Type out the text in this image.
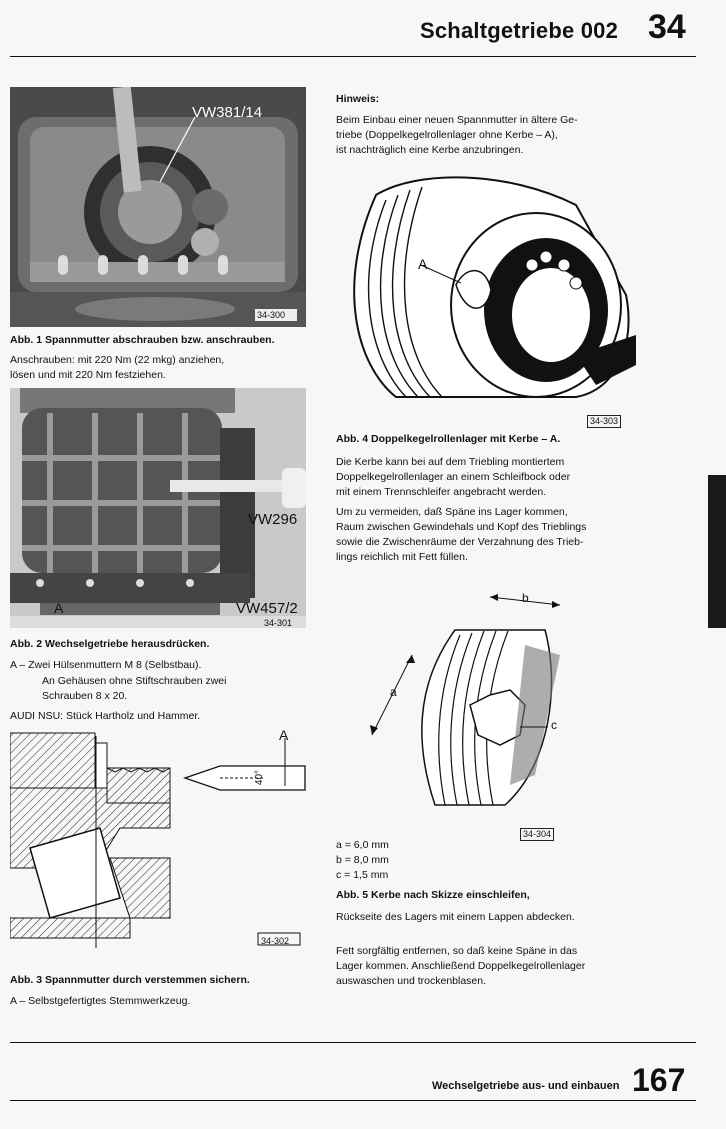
Schaltgetriebe 002 34
VW381/14
34-300
Abb. 1 Spannmutter abschrauben bzw. anschrauben.
Anschrauben: mit 220 Nm (22 mkg) anziehen,
lösen und mit 220 Nm festziehen.
VW296
VW457/2
A
34-301
Abb. 2 Wechselgetriebe herausdrücken.
A – Zwei Hülsenmuttern M 8 (Selbstbau).
An Gehäusen ohne Stiftschrauben zwei
Schrauben 8 x 20.
AUDI NSU: Stück Hartholz und Hammer.
A
40°
34-302
Abb. 3 Spannmutter durch verstemmen sichern.
A – Selbstgefertigtes Stemmwerkzeug.
Hinweis:
Beim Einbau einer neuen Spannmutter in ältere Ge-
triebe (Doppelkegelrollenlager ohne Kerbe – A),
ist nachträglich eine Kerbe anzubringen.
A
34-303
Abb. 4 Doppelkegelrollenlager mit Kerbe – A.
Die Kerbe kann bei auf dem Triebling montiertem
Doppelkegelrollenlager an einem Schleifbock oder
mit einem Trennschleifer angebracht werden.
Um zu vermeiden, daß Späne ins Lager kommen,
Raum zwischen Gewindehals und Kopf des Trieblings
sowie die Zwischenräume der Verzahnung des Trieb-
lings reichlich mit Fett füllen.
a
b
c
34-304
a = 6,0 mm
b = 8,0 mm
c = 1,5 mm
Abb. 5 Kerbe nach Skizze einschleifen,
Rückseite des Lagers mit einem Lappen abdecken.
Fett sorgfältig entfernen, so daß keine Späne in das
Lager kommen. Anschließend Doppelkegelrollenlager
auswaschen und trockenblasen.
Wechselgetriebe aus- und einbauen 167
